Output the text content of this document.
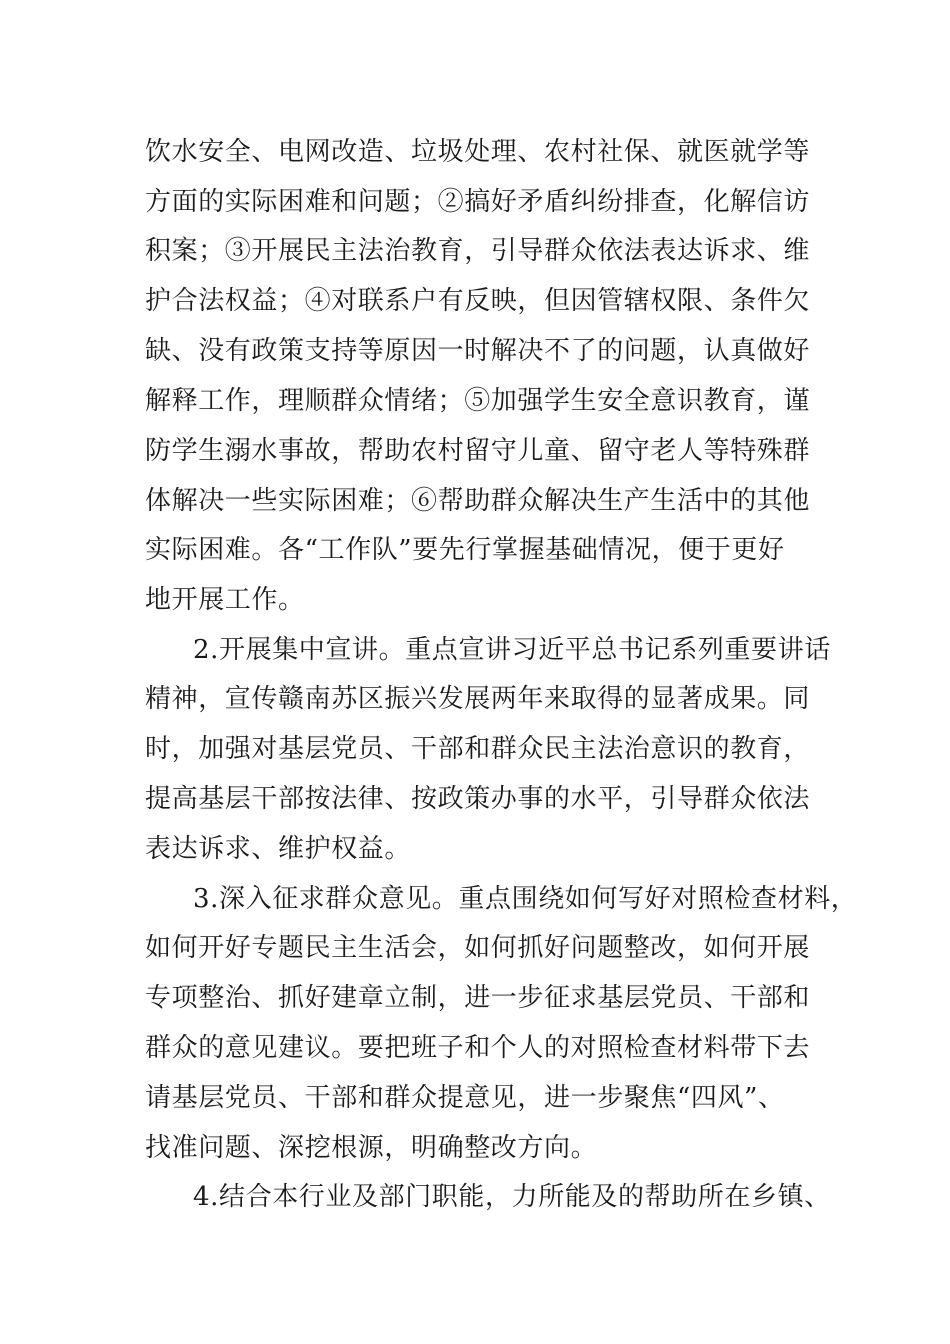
饮水安全、电网改造、垃圾处理、农村社保、就医就学等
方面的实际困难和问题；②搞好矛盾纠纷排查，化解信访
积案；③开展民主法治教育，引导群众依法表达诉求、维
护合法权益；④对联系户有反映，但因管辖权限、条件欠
缺、没有政策支持等原因一时解决不了的问题，认真做好
解释工作，理顺群众情绪；⑤加强学生安全意识教育，谨
防学生溺水事故，帮助农村留守儿童、留守老人等特殊群
体解决一些实际困难；⑥帮助群众解决生产生活中的其他
实际困难。各“工作队”要先行掌握基础情况，便于更好
地开展工作。
2.开展集中宣讲。重点宣讲习近平总书记系列重要讲话
精神，宣传赣南苏区振兴发展两年来取得的显著成果。同
时，加强对基层党员、干部和群众民主法治意识的教育，
提高基层干部按法律、按政策办事的水平，引导群众依法
表达诉求、维护权益。
3.深入征求群众意见。重点围绕如何写好对照检查材料，
如何开好专题民主生活会，如何抓好问题整改，如何开展
专项整治、抓好建章立制，进一步征求基层党员、干部和
群众的意见建议。要把班子和个人的对照检查材料带下去
请基层党员、干部和群众提意见，进一步聚焦“四风”、
找准问题、深挖根源，明确整改方向。
4.结合本行业及部门职能，力所能及的帮助所在乡镇、
